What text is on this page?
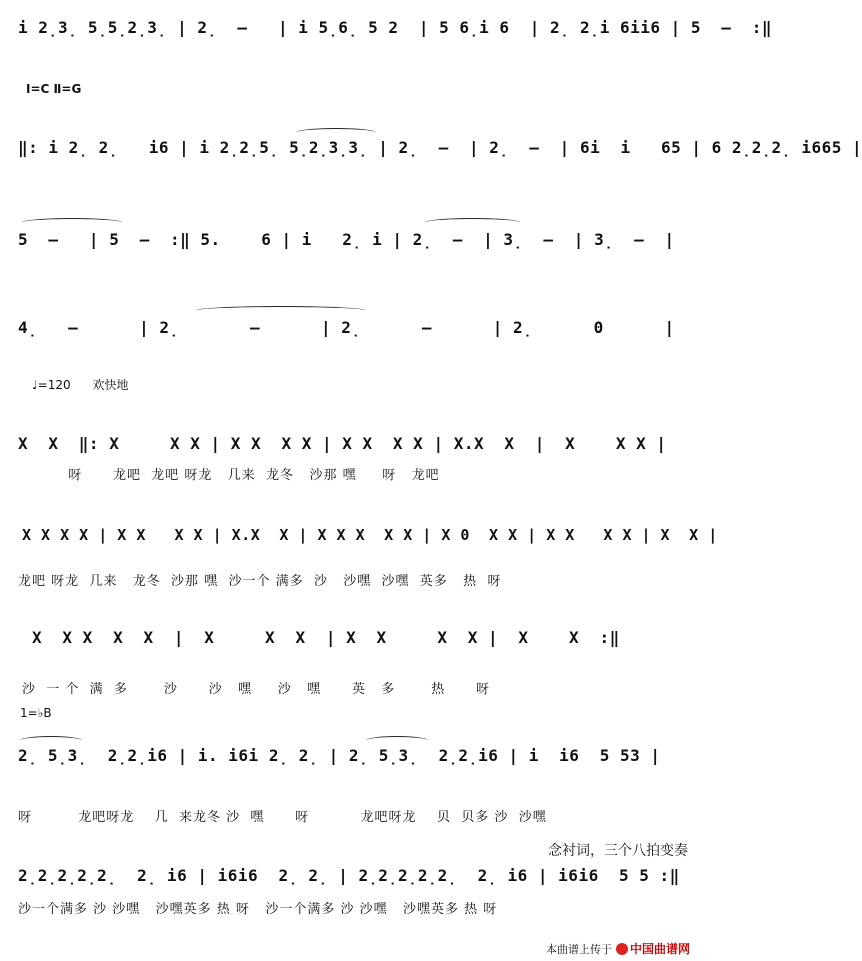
i 2̣3̣ 5̣5̣2̣3̣ | 2̣  –   | i 5̣6̣ 5 2  | 5 6̣i 6  | 2̣ 2̣i 6ii6 | 5  –  :‖
Ⅰ=C Ⅱ=G
‖: i 2̣ 2̣   i6 | i 2̣2̣5̣ 5̣2̣3̣3̣ | 2̣  –  | 2̣  –  | 6i  i   65 | 6 2̣2̣2̣ i665 |
5  –   | 5  –  :‖ 5.    6 | i   2̣ i | 2̣  –  | 3̣  –  | 3̣  –  |
4̣   –      | 2̣       –      | 2̣      –      | 2̣      0      |
♩=120 欢快地
X  X  ‖: X     X X | X X  X X | X X  X X | X.X  X  |  X    X X |
呀      龙吧  龙吧 呀龙   几来  龙冬   沙那 嘿     呀   龙吧
X X X X | X X   X X | X.X  X | X X X  X X | X 0  X X | X X   X X | X  X |
龙吧 呀龙  几来   龙冬  沙那 嘿  沙一个 满多  沙   沙嘿  沙嘿  英多   热  呀
X  X X  X  X  |  X     X  X  | X  X     X  X |  X    X  :‖
沙  一 个  满  多       沙      沙   嘿     沙   嘿      英   多       热      呀
1=♭B
2̣ 5̣3̣  2̣2̣i6 | i. i6i 2̣ 2̣ | 2̣ 5̣3̣  2̣2̣i6 | i  i6  5 53 |
呀         龙吧呀龙    几  来龙冬 沙  嘿      呀          龙吧呀龙    贝  贝多 沙  沙嘿
念衬词，三个八拍变奏
2̣2̣2̣2̣2̣  2̣ i6 | i6i6  2̣ 2̣ | 2̣2̣2̣2̣2̣  2̣ i6 | i6i6  5 5 :‖
沙一个满多 沙 沙嘿   沙嘿英多 热 呀   沙一个满多 沙 沙嘿   沙嘿英多 热 呀
本曲谱上传于 中国曲谱网
